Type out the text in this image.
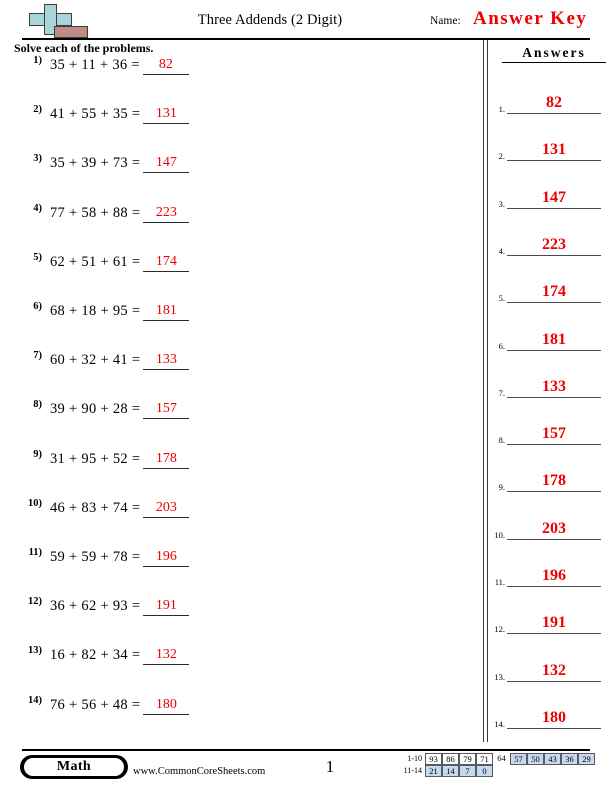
Three Addends (2 Digit)	Name: Answer Key
Solve each of the problems.
1) 35 + 11 + 36 = 82
2) 41 + 55 + 35 = 131
3) 35 + 39 + 73 = 147
4) 77 + 58 + 88 = 223
5) 62 + 51 + 61 = 174
6) 68 + 18 + 95 = 181
7) 60 + 32 + 41 = 133
8) 39 + 90 + 28 = 157
9) 31 + 95 + 52 = 178
10) 46 + 83 + 74 = 203
11) 59 + 59 + 78 = 196
12) 36 + 62 + 93 = 191
13) 16 + 82 + 34 = 132
14) 76 + 56 + 48 = 180
Answers
1.	82
2.	131
3.	147
4.	223
5.	174
6.	181
7.	133
8.	157
9.	178
10.	203
11.	196
12.	191
13.	132
14.	180
Math	www.CommonCoreSheets.com	1	1-10 93 86 79 71 64 57 50 43 36 29
11-14 21 14 7 0
